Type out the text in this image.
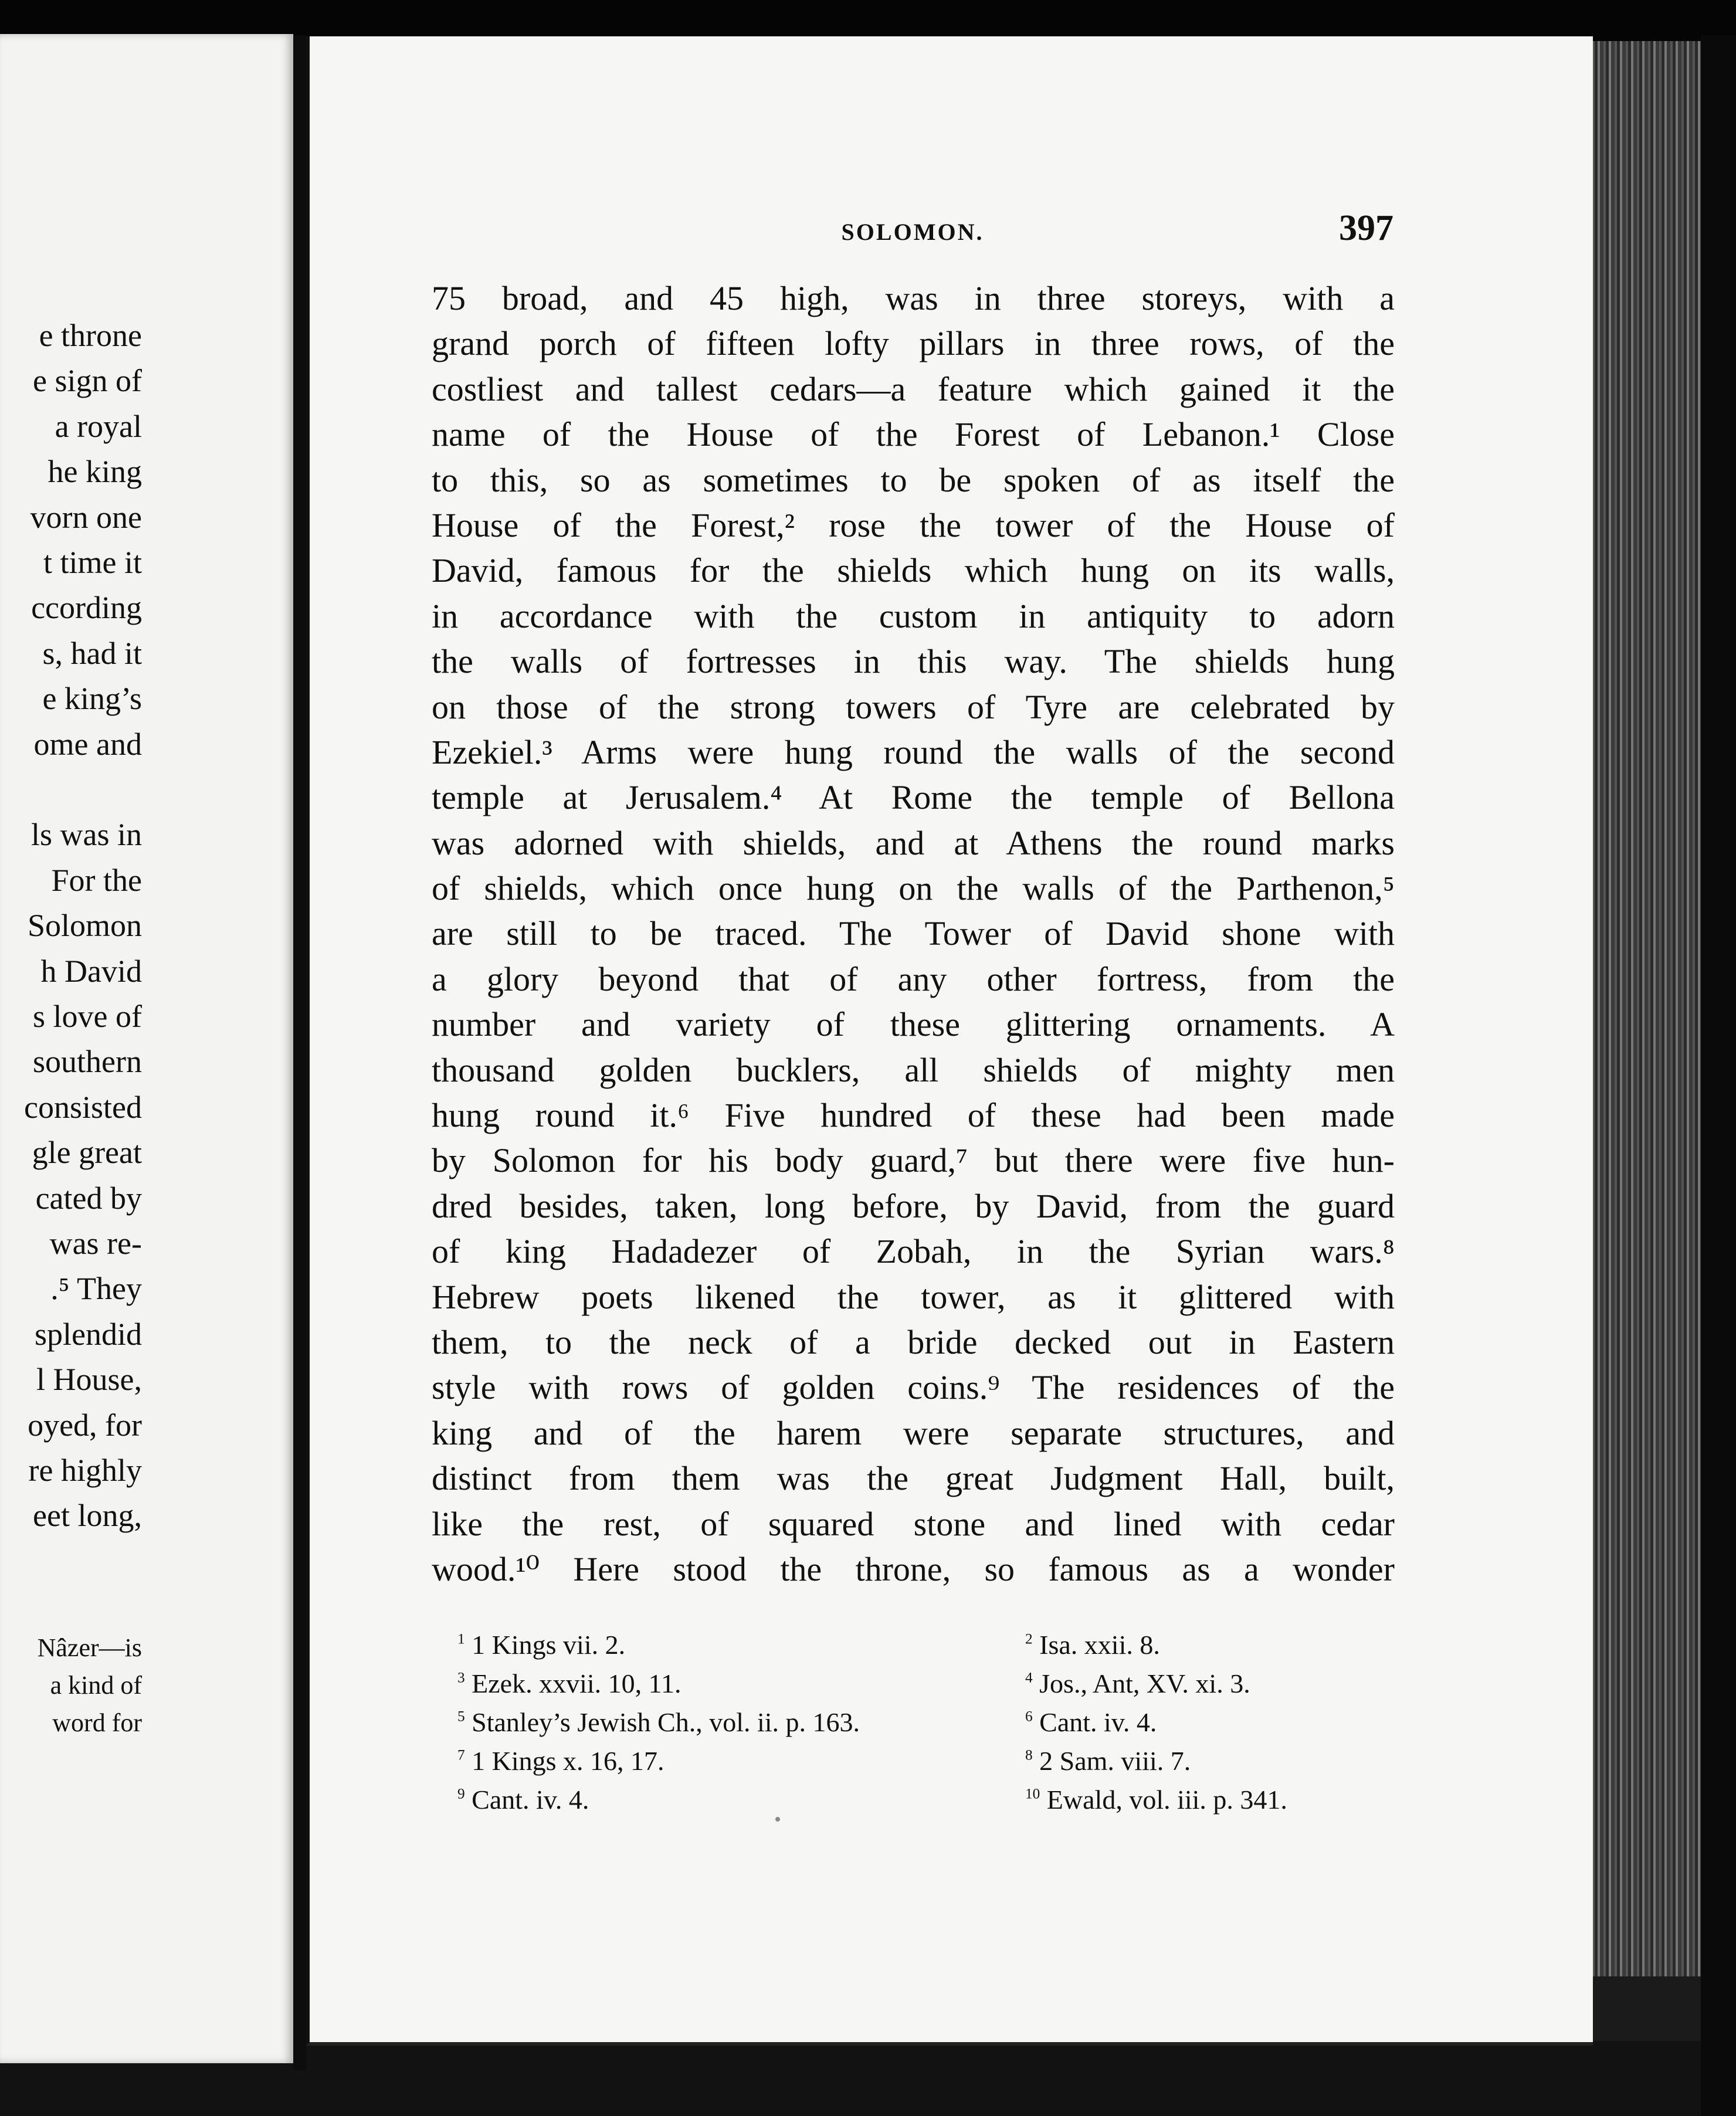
e throne
e sign of
a royal
he king
vorn one
t time it
ccording
s, had it
e king’s
ome and
ls was in
For the
Solomon
h David
s love of
southern
consisted
gle great
cated by
was re-
.⁵ They
splendid
l House,
oyed, for
re highly
eet long,
Nâzer—is
a kind of
word for
SOLOMON.	397
75 broad, and 45 high, was in three storeys, with a
grand porch of fifteen lofty pillars in three rows, of the
costliest and tallest cedars—a feature which gained it the
name of the House of the Forest of Lebanon.¹ Close
to this, so as sometimes to be spoken of as itself the
House of the Forest,² rose the tower of the House of
David, famous for the shields which hung on its walls,
in accordance with the custom in antiquity to adorn
the walls of fortresses in this way. The shields hung
on those of the strong towers of Tyre are celebrated by
Ezekiel.³ Arms were hung round the walls of the second
temple at Jerusalem.⁴ At Rome the temple of Bellona
was adorned with shields, and at Athens the round marks
of shields, which once hung on the walls of the Parthenon,⁵
are still to be traced. The Tower of David shone with
a glory beyond that of any other fortress, from the
number and variety of these glittering ornaments. A
thousand golden bucklers, all shields of mighty men
hung round it.⁶ Five hundred of these had been made
by Solomon for his body guard,⁷ but there were five hun-
dred besides, taken, long before, by David, from the guard
of king Hadadezer of Zobah, in the Syrian wars.⁸
Hebrew poets likened the tower, as it glittered with
them, to the neck of a bride decked out in Eastern
style with rows of golden coins.⁹ The residences of the
king and of the harem were separate structures, and
distinct from them was the great Judgment Hall, built,
like the rest, of squared stone and lined with cedar
wood.¹⁰ Here stood the throne, so famous as a wonder
$^1$ 1 Kings vii. 2.
$^3$ Ezek. xxvii. 10, 11.
$^5$ Stanley’s Jewish Ch., vol. ii. p. 163.
$^7$ 1 Kings x. 16, 17.
$^9$ Cant. iv. 4.
$^2$ Isa. xxii. 8.
$^4$ Jos., Ant, XV. xi. 3.
$^6$ Cant. iv. 4.
$^8$ 2 Sam. viii. 7.
$^{10}$ Ewald, vol. iii. p. 341.
